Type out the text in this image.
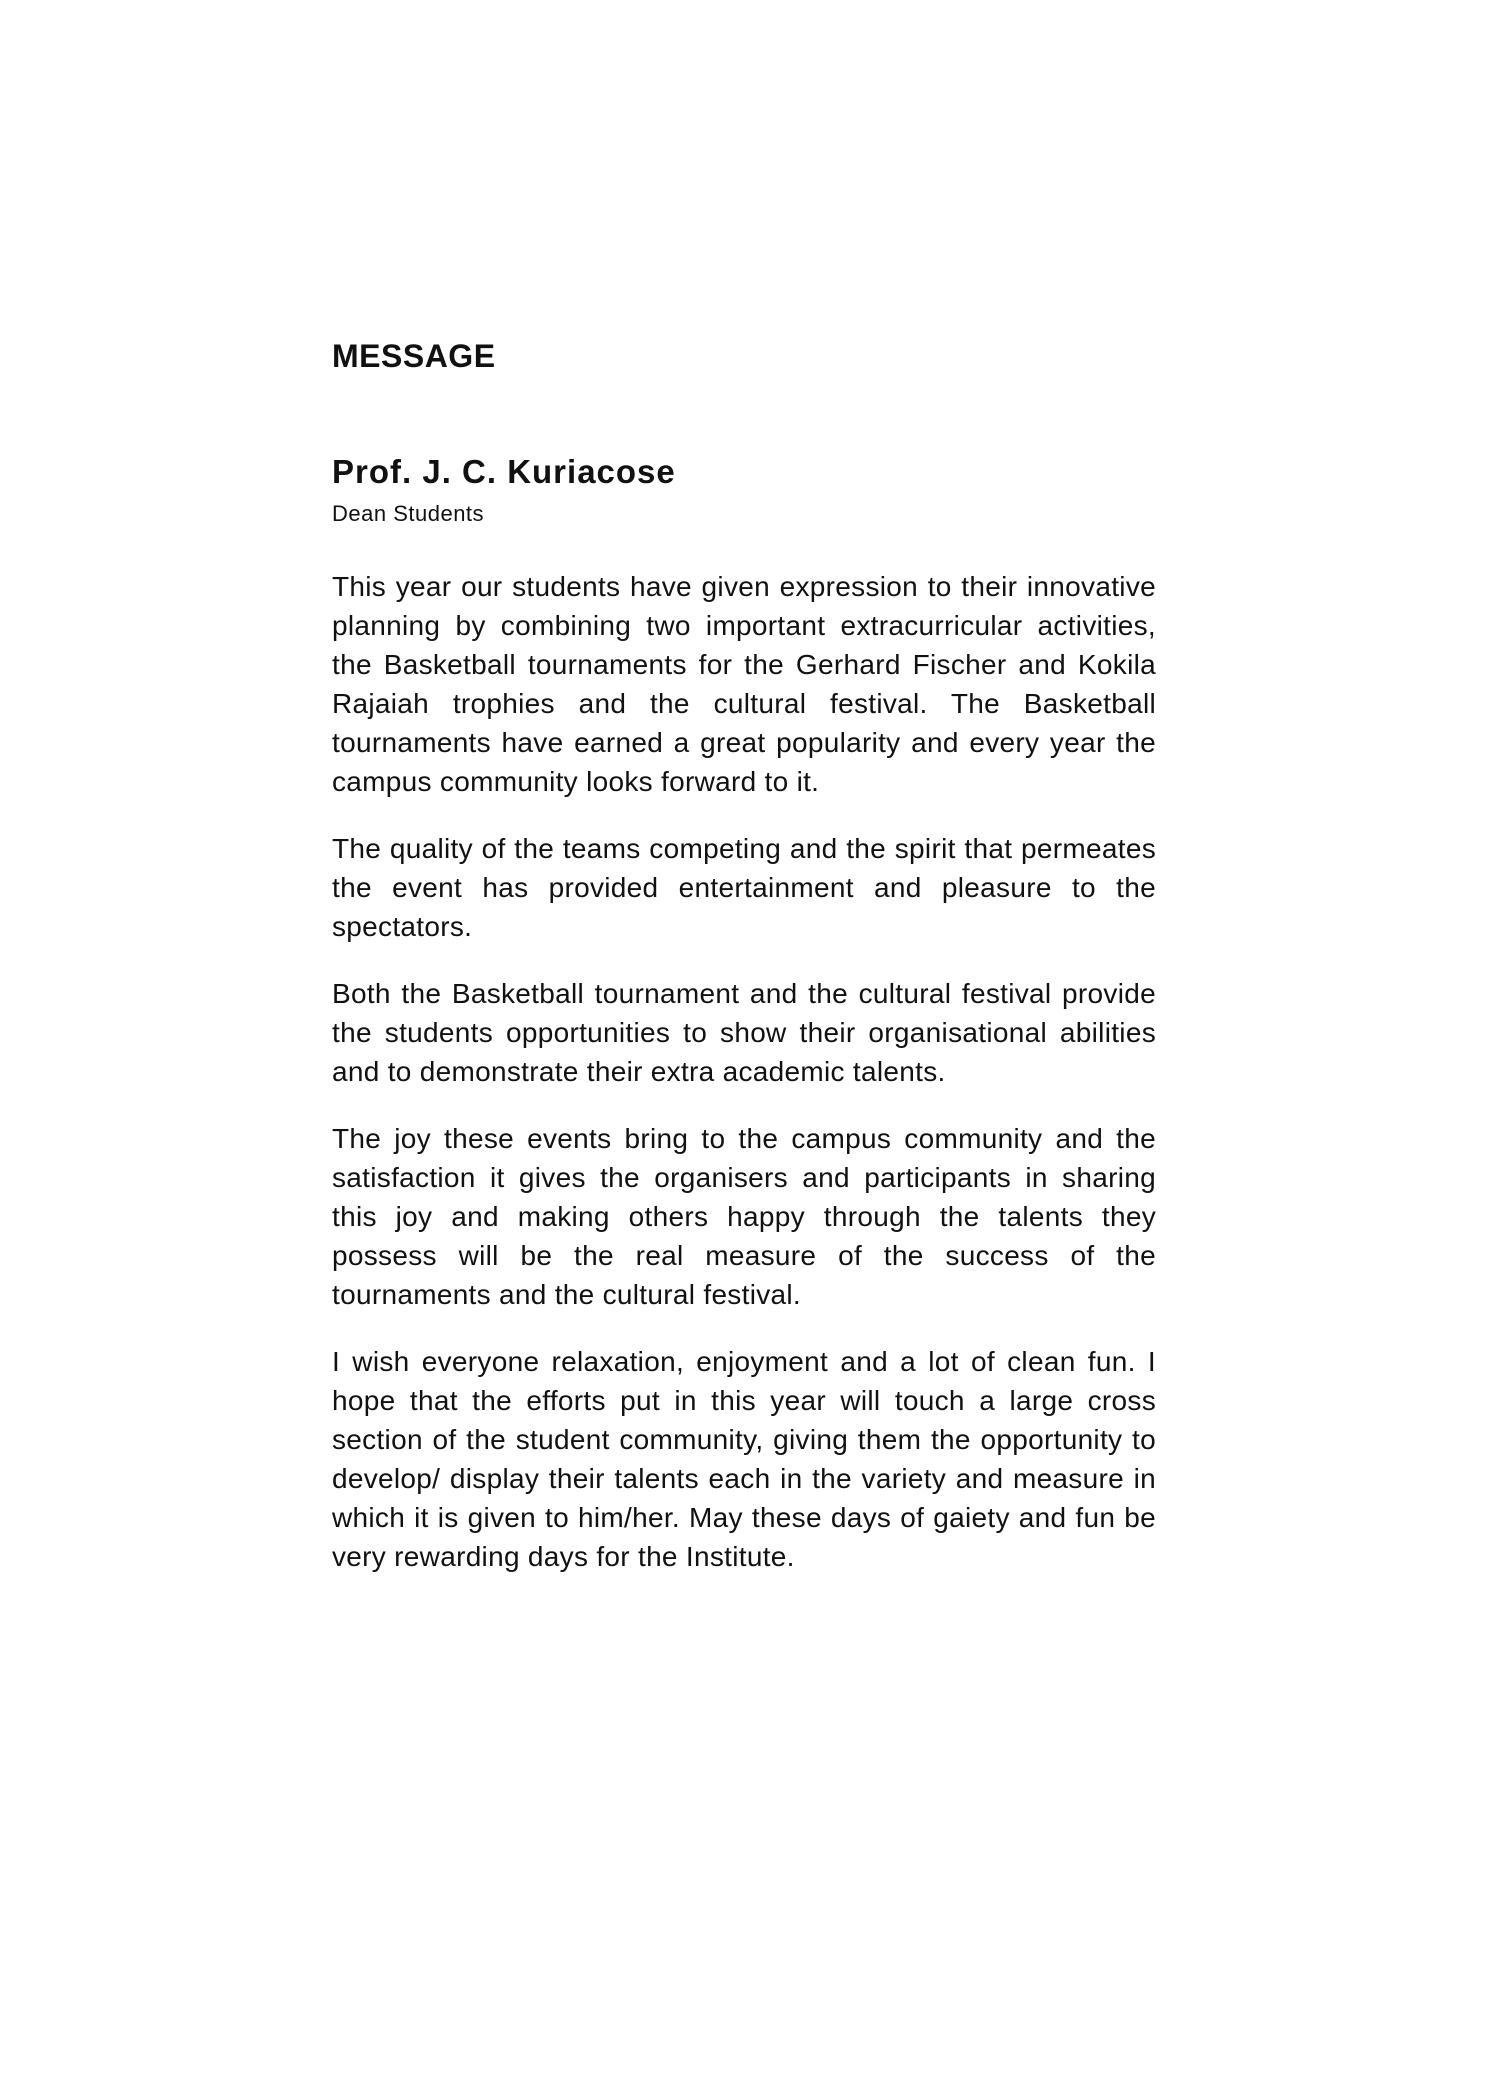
MESSAGE
Prof. J. C. Kuriacose
Dean Students

This year our students have given expression to their innovative planning by combining two important extracurricular activities, the Basketball tournaments for the Gerhard Fischer and Kokila Rajaiah trophies and the cultural festival. The Basketball tournaments have earned a great popularity and every year the campus community looks forward to it.

The quality of the teams competing and the spirit that permeates the event has provided entertainment and pleasure to the spectators.

Both the Basketball tournament and the cultural festival provide the students opportunities to show their organisational abilities and to demonstrate their extra academic talents.

The joy these events bring to the campus community and the satisfaction it gives the organisers and participants in sharing this joy and making others happy through the talents they possess will be the real measure of the success of the tournaments and the cultural festival.

I wish everyone relaxation, enjoyment and a lot of clean fun. I hope that the efforts put in this year will touch a large cross section of the student community, giving them the opportunity to develop/ display their talents each in the variety and measure in which it is given to him/her. May these days of gaiety and fun be very rewarding days for the Institute.
